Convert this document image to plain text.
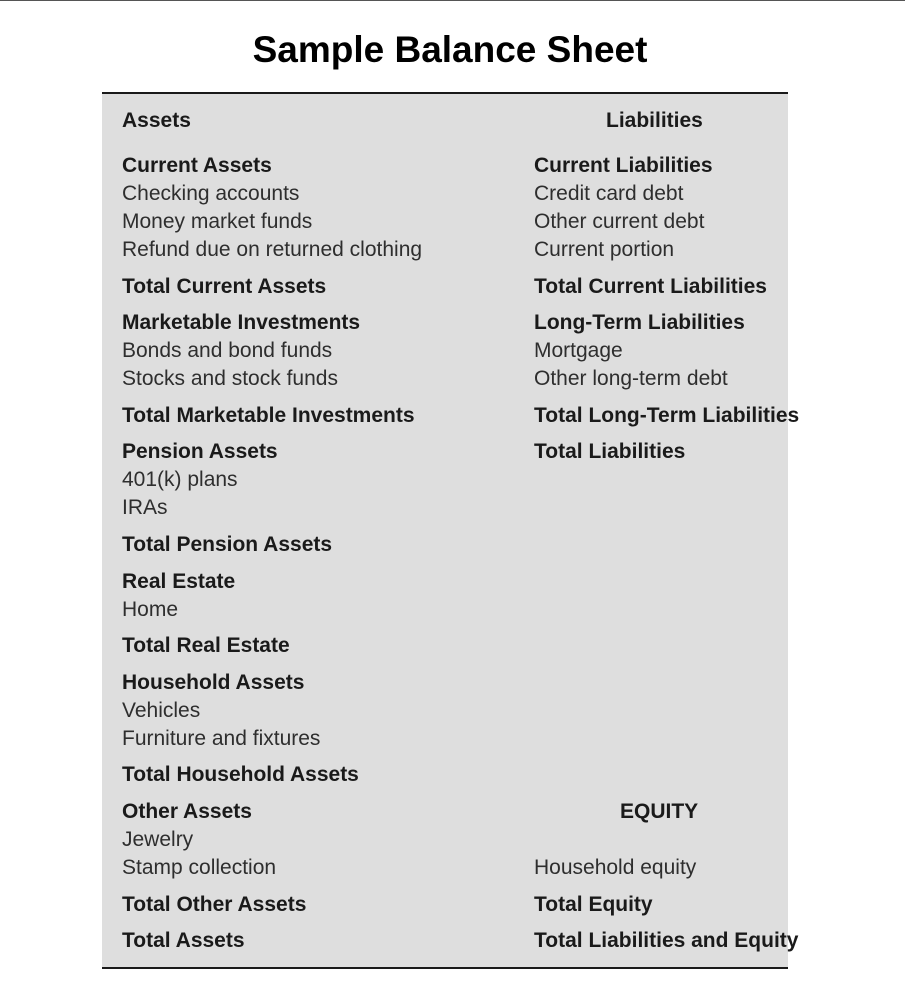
Sample Balance Sheet
Assets
Current Assets
Checking accounts
Money market funds
Refund due on returned clothing
Total Current Assets
Marketable Investments
Bonds and bond funds
Stocks and stock funds
Total Marketable Investments
Pension Assets
401(k) plans
IRAs
Total Pension Assets
Real Estate
Home
Total Real Estate
Household Assets
Vehicles
Furniture and fixtures
Total Household Assets
Other Assets
Jewelry
Stamp collection
Total Other Assets
Total Assets
Liabilities
Current Liabilities
Credit card debt
Other current debt
Current portion
Total Current Liabilities
Long-Term Liabilities
Mortgage
Other long-term debt
Total Long-Term Liabilities
Total Liabilities
EQUITY
Household equity
Total Equity
Total Liabilities and Equity
